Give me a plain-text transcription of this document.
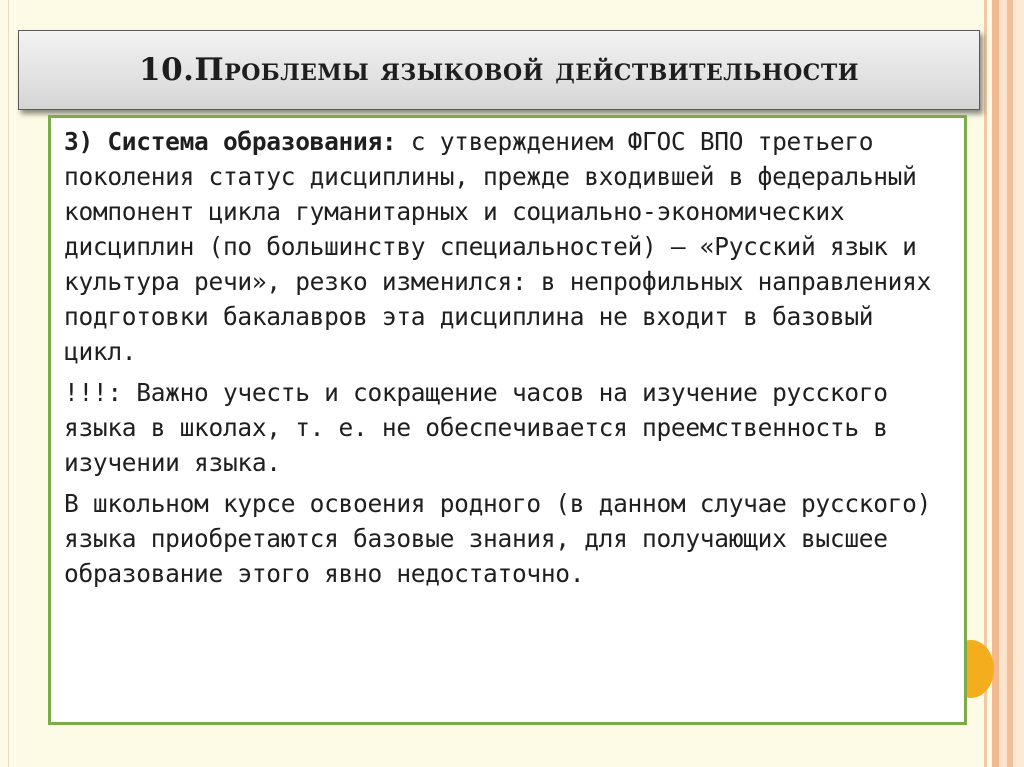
10.Проблемы языковой действительности

3) Система образования: с утверждением ФГОС ВПО третьего поколения статус дисциплины, прежде входившей в федеральный компонент цикла гуманитарных и социально-экономических дисциплин (по большинству специальностей) – «Русский язык и культура речи», резко изменился: в непрофильных направлениях подготовки бакалавров эта дисциплина не входит в базовый цикл.

!!!: Важно учесть и сокращение часов на изучение русского языка в школах, т. е. не обеспечивается преемственность в изучении языка.

В школьном курсе освоения родного (в данном случае русского) языка приобретаются базовые знания, для получающих высшее образование этого явно недостаточно.
